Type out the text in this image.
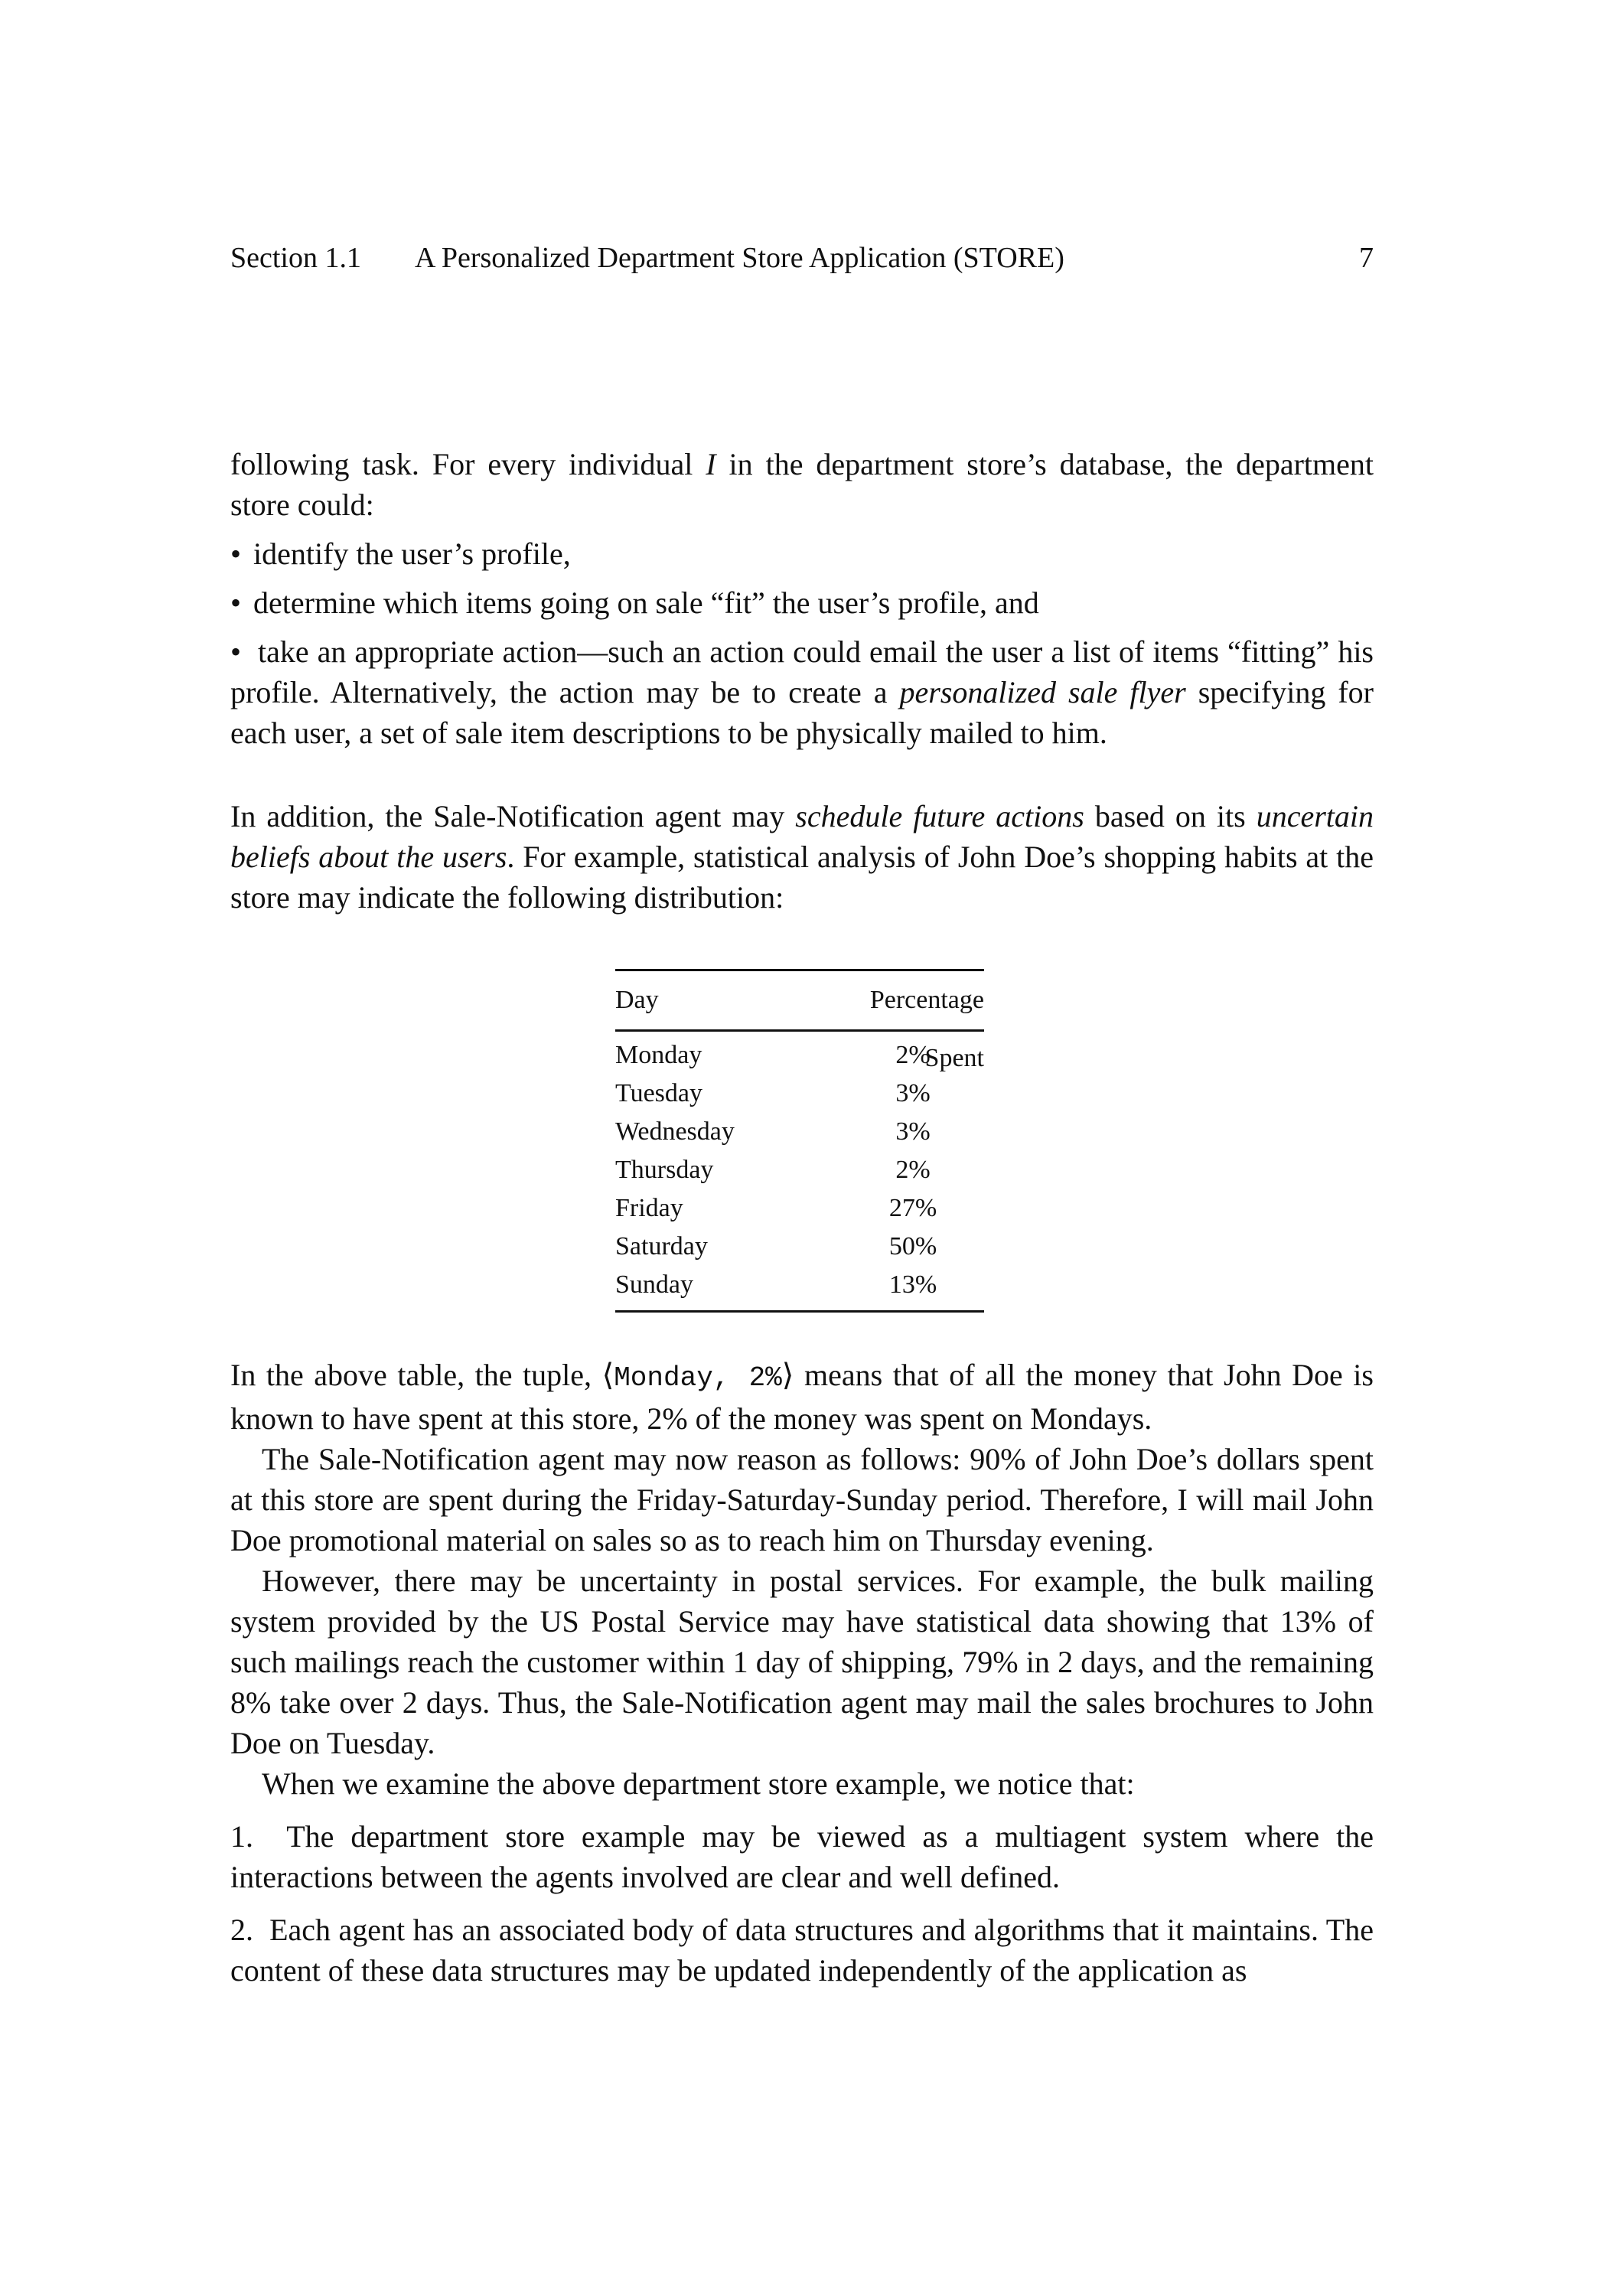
Section 1.1 A Personalized Department Store Application (STORE)	7

following task. For every individual I in the department store’s database, the department store could:

• identify the user’s profile,

• determine which items going on sale “fit” the user’s profile, and

•  take an appropriate action—such an action could email the user a list of items “fitting” his profile. Alternatively, the action may be to create a personalized sale flyer specifying for each user, a set of sale item descriptions to be physically mailed to him.

In addition, the Sale-Notification agent may schedule future actions based on its uncertain beliefs about the users. For example, statistical analysis of John Doe’s shopping habits at the store may indicate the following distribution:

Day	Percentage Spent
Monday	2%
Tuesday	3%
Wednesday	3%
Thursday	2%
Friday	27%
Saturday	50%
Sunday	13%

In the above table, the tuple, ⟨Monday, 2%⟩ means that of all the money that John Doe is known to have spent at this store, 2% of the money was spent on Mondays.

The Sale-Notification agent may now reason as follows: 90% of John Doe’s dollars spent at this store are spent during the Friday-Saturday-Sunday period. Therefore, I will mail John Doe promotional material on sales so as to reach him on Thursday evening.

However, there may be uncertainty in postal services. For example, the bulk mailing system provided by the US Postal Service may have statistical data showing that 13% of such mailings reach the customer within 1 day of shipping, 79% in 2 days, and the remaining 8% take over 2 days. Thus, the Sale-Notification agent may mail the sales brochures to John Doe on Tuesday.

When we examine the above department store example, we notice that:

1. The department store example may be viewed as a multiagent system where the interactions between the agents involved are clear and well defined.

2. Each agent has an associated body of data structures and algorithms that it maintains. The content of these data structures may be updated independently of the application as
